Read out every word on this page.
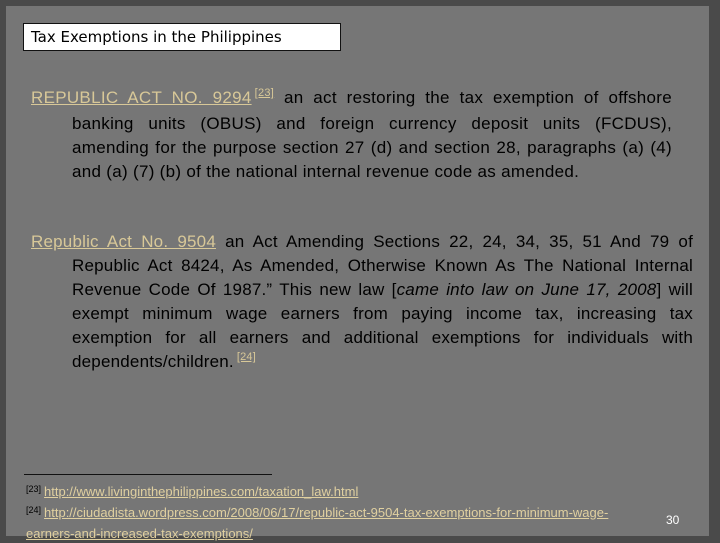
Tax Exemptions in the Philippines

REPUBLIC ACT NO. 9294 [23] an act restoring the tax exemption of offshore banking units (OBUS) and foreign currency deposit units (FCDUS), amending for the purpose section 27 (d) and section 28, paragraphs (a) (4) and (a) (7) (b) of the national internal revenue code as amended.

Republic Act No. 9504 an Act Amending Sections 22, 24, 34, 35, 51 And 79 of Republic Act 8424, As Amended, Otherwise Known As The National Internal Revenue Code Of 1987.” This new law [came into law on June 17, 2008] will exempt minimum wage earners from paying income tax, increasing tax exemption for all earners and additional exemptions for individuals with dependents/children. [24]

[23] http://www.livinginthephilippines.com/taxation_law.html
[24] http://ciudadista.wordpress.com/2008/06/17/republic-act-9504-tax-exemptions-for-minimum-wage-earners-and-increased-tax-exemptions/
30
